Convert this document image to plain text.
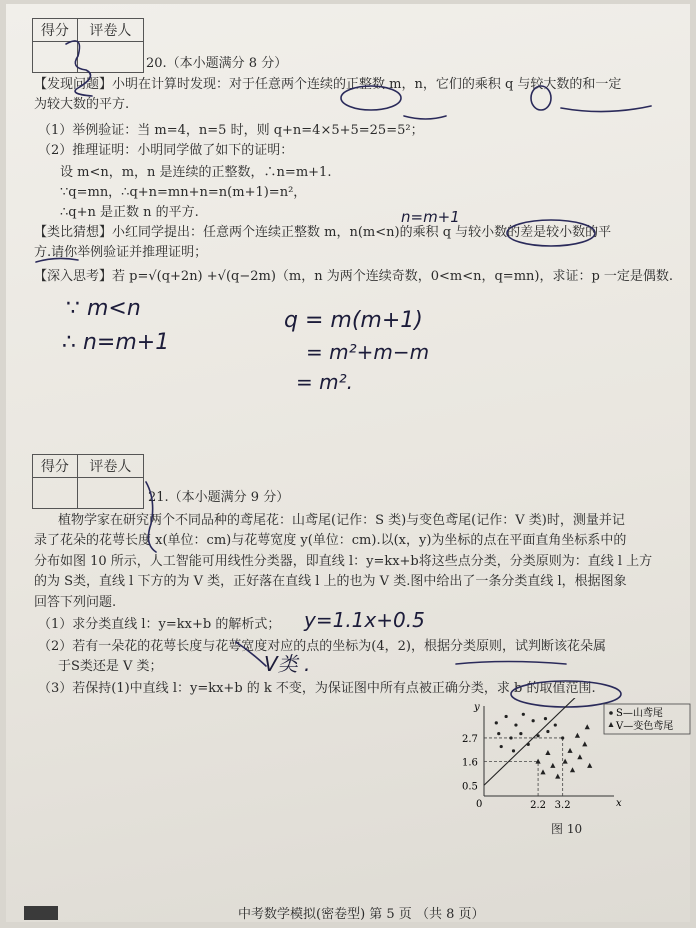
得分	评卷人

20.（本小题满分 8 分）
【发现问题】小明在计算时发现：对于任意两个连续的正整数 m，n，它们的乘积 q 与较大数的和一定
为较大数的平方.
（1）举例验证：当 m=4，n=5 时，则 q+n=4×5+5=25=5²；
（2）推理证明：小明同学做了如下的证明：
设 m<n，m，n 是连续的正整数，∴n=m+1.
∵q=mn，∴q+n=mn+n=n(m+1)=n²，
∴q+n 是正数 n 的平方.
【类比猜想】小红同学提出：任意两个连续正整数 m，n(m<n)的乘积 q 与较小数的差是较小数的平
方.请你举例验证并推理证明；
【深入思考】若 p=√(q+2n) +√(q−2m)（m，n 为两个连续奇数，0<m<n，q=mn)，求证：p 一定是偶数.
n=m+1
∵ m<n
∴ n=m+1
q = m(m+1)
= m²+m−m
= m².
得分	评卷人

21.（本小题满分 9 分）
植物学家在研究两个不同品种的鸢尾花：山鸢尾(记作：S 类)与变色鸢尾(记作：V 类)时，测量并记
录了花朵的花萼长度 x(单位：cm)与花萼宽度 y(单位：cm).以(x，y)为坐标的点在平面直角坐标系中的
分布如图 10 所示，人工智能可用线性分类器，即直线 l：y=kx+b将这些点分类，分类原则为：直线 l 上方
的为 S类，直线 l 下方的为 V 类，正好落在直线 l 上的也为 V 类.图中给出了一条分类直线 l，根据图象
回答下列问题.
（1）求分类直线 l：y=kx+b 的解析式；
（2）若有一朵花的花萼长度与花萼宽度对应的点的坐标为(4，2)，根据分类原则，试判断该花朵属
于S类还是 V 类；
（3）若保持(1)中直线 l：y=kx+b 的 k 不变，为保证图中所有点被正确分类，求 b 的取值范围.
y=1.1x+0.5
V类 .
x
y
0	2.2 3.2
0.5
1.6
2.7
S—山鸢尾
V—变色鸢尾
图 10
中考数学模拟(密卷型) 第 5 页 （共 8 页）
